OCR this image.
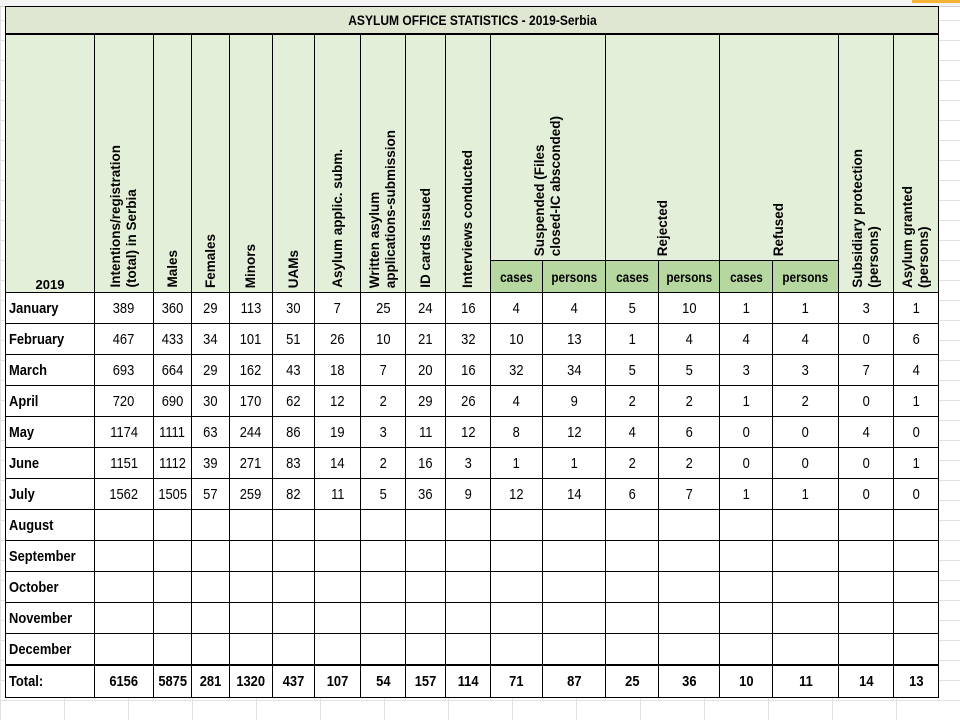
ASYLUM OFFICE STATISTICS - 2019-Serbia																	
2019	Intentions/registration (total) in Serbia	Males	Females	Minors	UAMs	Asylum applic. subm.	Written asylum applications-submission	ID cards issued	Interviews conducted	Suspended (Files closed-IC absconded)		Rejected		Refused		Subsidiary protection (persons)	Asylum granted (persons)

										cases	persons	cases	persons	cases	persons		
January	389	360	29	113	30	7	25	24	16	4	4	5	10	1	1	3	1
February	467	433	34	101	51	26	10	21	32	10	13	1	4	4	4	0	6
March	693	664	29	162	43	18	7	20	16	32	34	5	5	3	3	7	4
April	720	690	30	170	62	12	2	29	26	4	9	2	2	1	2	0	1
May	1174	1111	63	244	86	19	3	11	12	8	12	4	6	0	0	4	0
June	1151	1112	39	271	83	14	2	16	3	1	1	2	2	0	0	0	1
July	1562	1505	57	259	82	11	5	36	9	12	14	6	7	1	1	0	0
August																	
September																	
October																	
November																	
December																	
Total:	6156	5875	281	1320	437	107	54	157	114	71	87	25	36	10	11	14	13
